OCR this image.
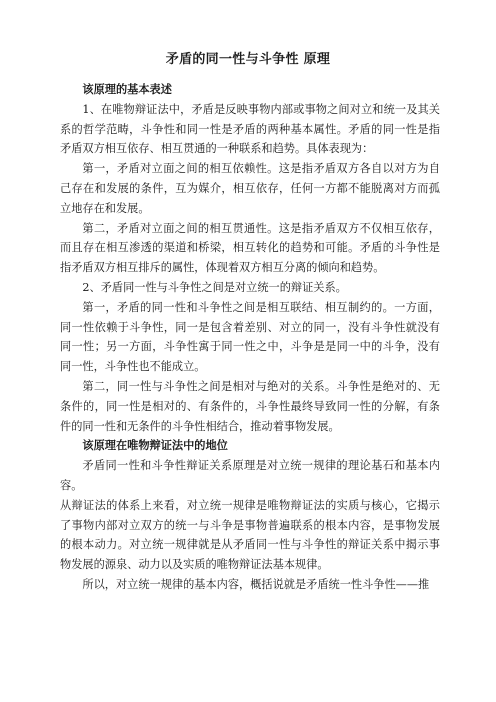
矛盾的同一性与斗争性 原理

该原理的基本表述

1、在唯物辩证法中，矛盾是反映事物内部或事物之间对立和统一及其关系的哲学范畴，斗争性和同一性是矛盾的两种基本属性。矛盾的同一性是指矛盾双方相互依存、相互贯通的一种联系和趋势。具体表现为：

第一，矛盾对立面之间的相互依赖性。这是指矛盾双方各自以对方为自己存在和发展的条件，互为媒介，相互依存，任何一方都不能脱离对方而孤立地存在和发展。

第二，矛盾对立面之间的相互贯通性。这是指矛盾双方不仅相互依存，而且存在相互渗透的渠道和桥梁，相互转化的趋势和可能。矛盾的斗争性是指矛盾双方相互排斥的属性，体现着双方相互分离的倾向和趋势。

2、矛盾同一性与斗争性之间是对立统一的辩证关系。

第一，矛盾的同一性和斗争性之间是相互联结、相互制约的。一方面，同一性依赖于斗争性，同一是包含着差别、对立的同一，没有斗争性就没有同一性；另一方面，斗争性寓于同一性之中，斗争是是同一中的斗争，没有同一性，斗争性也不能成立。

第二，同一性与斗争性之间是相对与绝对的关系。斗争性是绝对的、无条件的，同一性是相对的、有条件的，斗争性最终导致同一性的分解，有条件的同一性和无条件的斗争性相结合，推动着事物发展。

该原理在唯物辩证法中的地位

矛盾同一性和斗争性辩证关系原理是对立统一规律的理论基石和基本内容。

从辩证法的体系上来看，对立统一规律是唯物辩证法的实质与核心，它揭示了事物内部对立双方的统一与斗争是事物普遍联系的根本内容，是事物发展的根本动力。对立统一规律就是从矛盾同一性与斗争性的辩证关系中揭示事物发展的源泉、动力以及实质的唯物辩证法基本规律。

所以，对立统一规律的基本内容，概括说就是矛盾统一性斗争性——推
